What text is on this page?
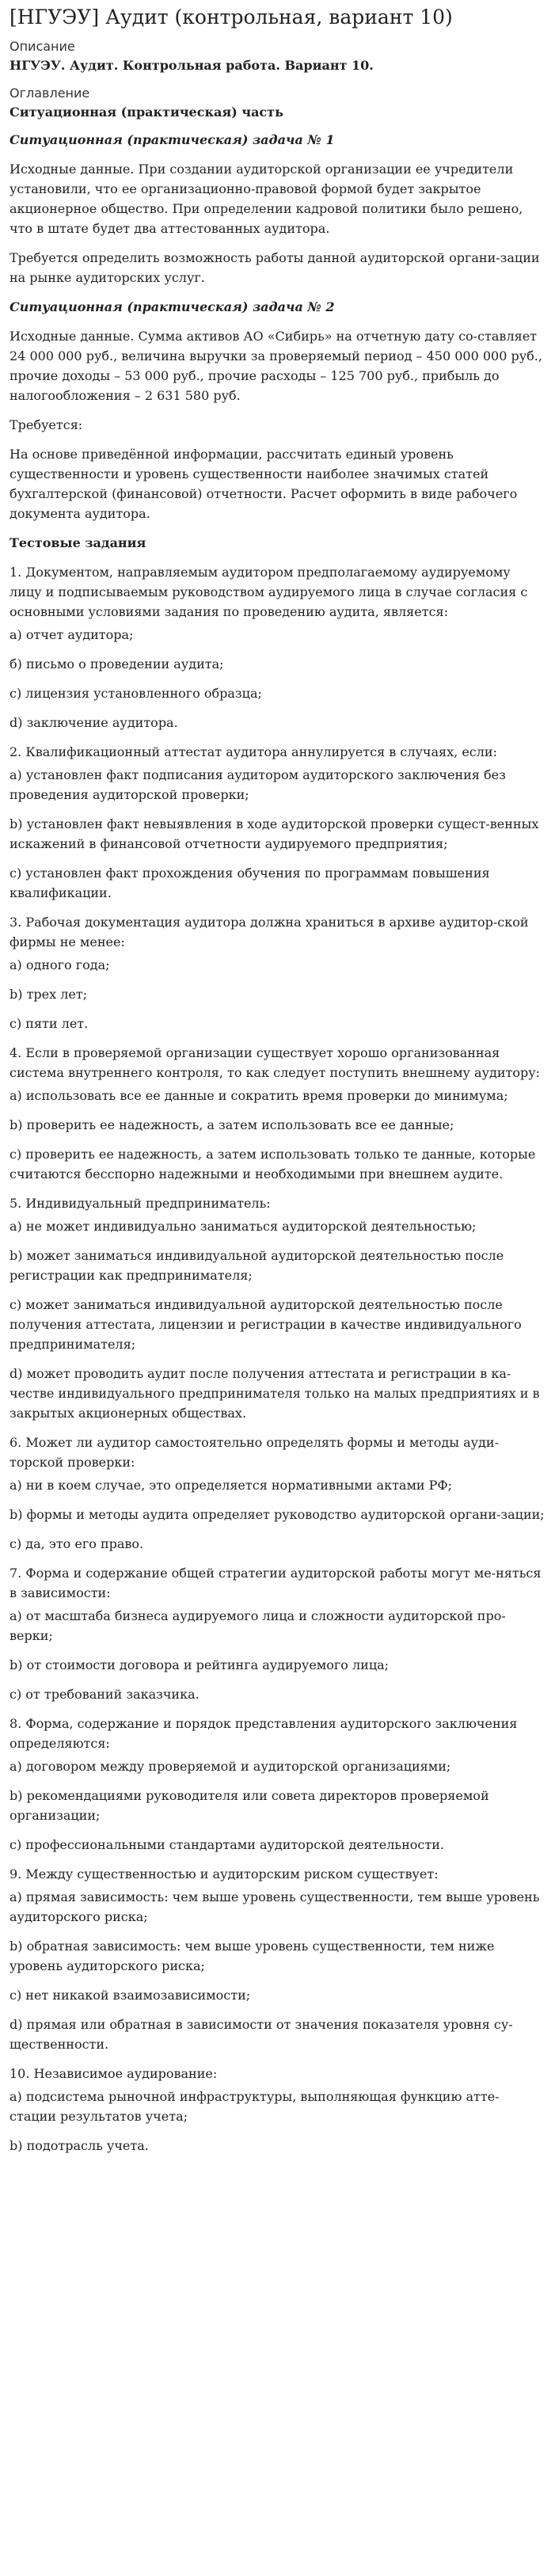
[НГУЭУ] Аудит (контрольная, вариант 10)
Описание

НГУЭУ. Аудит. Контрольная работа. Вариант 10.

Оглавление

Ситуационная (практическая) часть

Ситуационная (практическая) задача № 1

Исходные данные. При создании аудиторской организации ее учредители установили, что ее организационно-правовой формой будет закрытое акционерное общество. При определении кадровой политики было решено, что в штате будет два аттестованных аудитора.

Требуется определить возможность работы данной аудиторской органи-зации на рынке аудиторских услуг.

Ситуационная (практическая) задача № 2

Исходные данные. Сумма активов АО «Сибирь» на отчетную дату со-ставляет 24 000 000 руб., величина выручки за проверяемый период – 450 000 000 руб., прочие доходы – 53 000 руб., прочие расходы – 125 700 руб., прибыль до налогообложения – 2 631 580 руб.

Требуется:

На основе приведённой информации, рассчитать единый уровень существенности и уровень существенности наиболее значимых статей бухгалтерской (финансовой) отчетности. Расчет оформить в виде рабочего документа аудитора.

Тестовые задания

1. Документом, направляемым аудитором предполагаемому аудируемому лицу и подписываемым руководством аудируемого лица в случае согласия с основными условиями задания по проведению аудита, является:

а) отчет аудитора;

б) письмо о проведении аудита;

с) лицензия установленного образца;

d) заключение аудитора.

2. Квалификационный аттестат аудитора аннулируется в случаях, если:

а) установлен факт подписания аудитором аудиторского заключения без проведения аудиторской проверки;

b) установлен факт невыявления в ходе аудиторской проверки сущест-венных искажений в финансовой отчетности аудируемого предприятия;

с) установлен факт прохождения обучения по программам повышения квалификации.

3. Рабочая документация аудитора должна храниться в архиве аудитор-ской фирмы не менее:

а) одного года;

b) трех лет;

с) пяти лет.

4. Если в проверяемой организации существует хорошо организованная система внутреннего контроля, то как следует поступить внешнему аудитору:

а) использовать все ее данные и сократить время проверки до минимума;

b) проверить ее надежность, а затем использовать все ее данные;

с) проверить ее надежность, а затем использовать только те данные, которые считаются бесспорно надежными и необходимыми при внешнем аудите.

5. Индивидуальный предприниматель:

а) не может индивидуально заниматься аудиторской деятельностью;

b) может заниматься индивидуальной аудиторской деятельностью после регистрации как предпринимателя;

с) может заниматься индивидуальной аудиторской деятельностью после получения аттестата, лицензии и регистрации в качестве индивидуального предпринимателя;

d) может проводить аудит после получения аттестата и регистрации в ка-честве индивидуального предпринимателя только на малых предприятиях и в закрытых акционерных обществах.

6. Может ли аудитор самостоятельно определять формы и методы ауди-торской проверки:

а) ни в коем случае, это определяется нормативными актами РФ;

b) формы и методы аудита определяет руководство аудиторской органи-зации;

с) да, это его право.

7. Форма и содержание общей стратегии аудиторской работы могут ме-няться в зависимости:

а) от масштаба бизнеса аудируемого лица и сложности аудиторской про-верки;

b) от стоимости договора и рейтинга аудируемого лица;

с) от требований заказчика.

8. Форма, содержание и порядок представления аудиторского заключения определяются:

а) договором между проверяемой и аудиторской организациями;

b) рекомендациями руководителя или совета директоров проверяемой организации;

с) профессиональными стандартами аудиторской деятельности.

9. Между существенностью и аудиторским риском существует:

а) прямая зависимость: чем выше уровень существенности, тем выше уровень аудиторского риска;

b) обратная зависимость: чем выше уровень существенности, тем ниже уровень аудиторского риска;

с) нет никакой взаимозависимости;

d) прямая или обратная в зависимости от значения показателя уровня су-щественности.

10. Независимое аудирование:

а) подсистема рыночной инфраструктуры, выполняющая функцию атте-стации результатов учета;

b) подотрасль учета.
